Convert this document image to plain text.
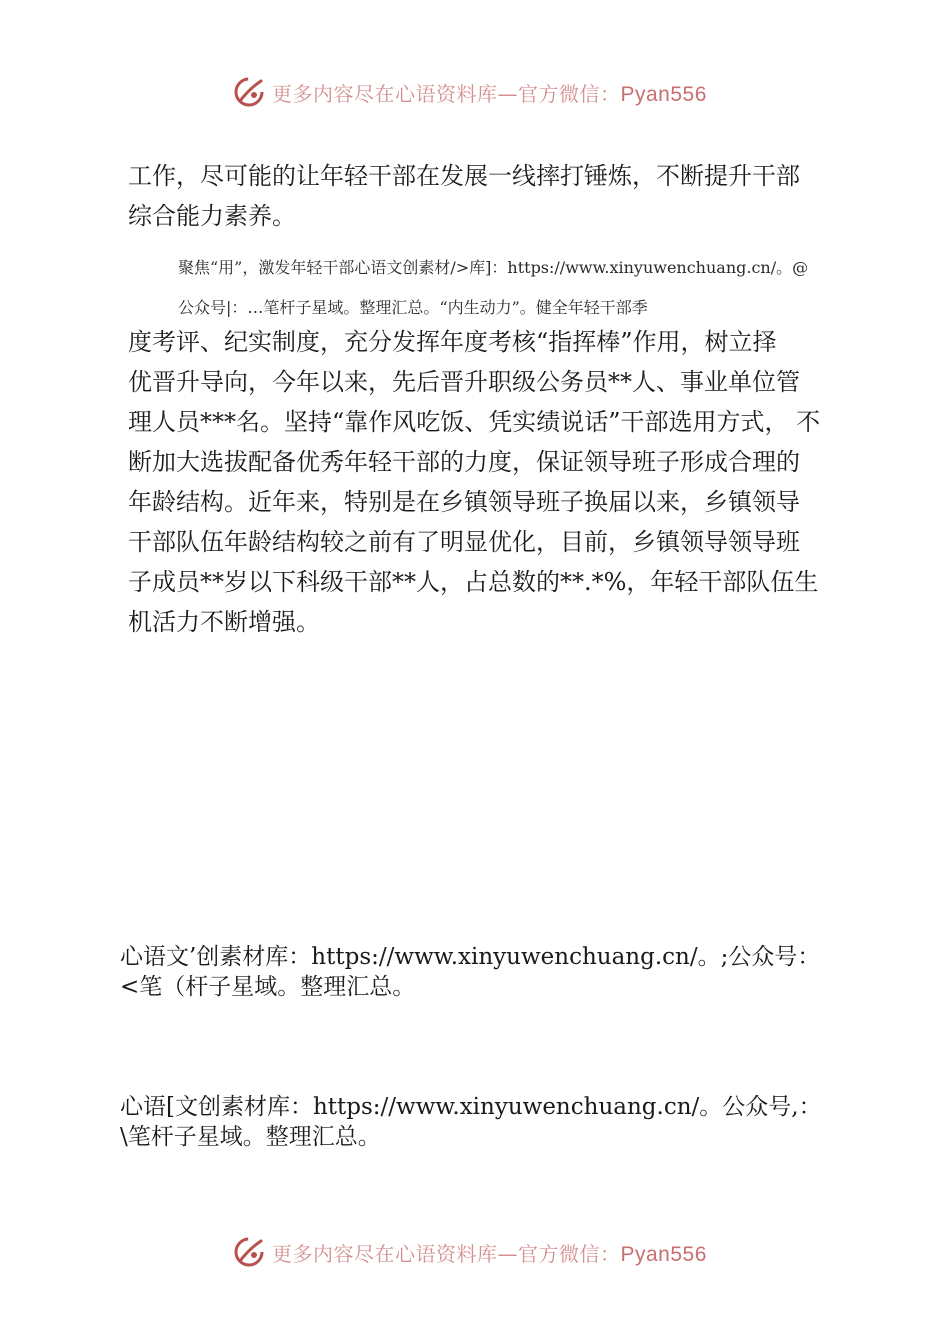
更多内容尽在心语资料库—官方微信：Pyan556
工作，尽可能的让年轻干部在发展一线摔打锤炼，不断提升干部
综合能力素养。
聚焦“用”，激发年轻干部心语文创素材/>库]：https://www.xinyuwenchuang.cn/。@
公众号|：…笔杆子星域。整理汇总。“内生动力”。健全年轻干部季
度考评、纪实制度，充分发挥年度考核“指挥棒”作用，树立择
优晋升导向，今年以来，先后晋升职级公务员**人、事业单位管
理人员***名。坚持“靠作风吃饭、凭实绩说话”干部选用方式， 不
断加大选拔配备优秀年轻干部的力度，保证领导班子形成合理的
年龄结构。近年来，特别是在乡镇领导班子换届以来，乡镇领导
干部队伍年龄结构较之前有了明显优化，目前，乡镇领导领导班
子成员**岁以下科级干部**人，占总数的**.*%，年轻干部队伍生
机活力不断增强。
心语文’创素材库：https://www.xinyuwenchuang.cn/。;公众号：
<笔（杆子星域。整理汇总。
心语[文创素材库：https://www.xinyuwenchuang.cn/。公众号,：
\笔杆子星域。整理汇总。
更多内容尽在心语资料库—官方微信：Pyan556
